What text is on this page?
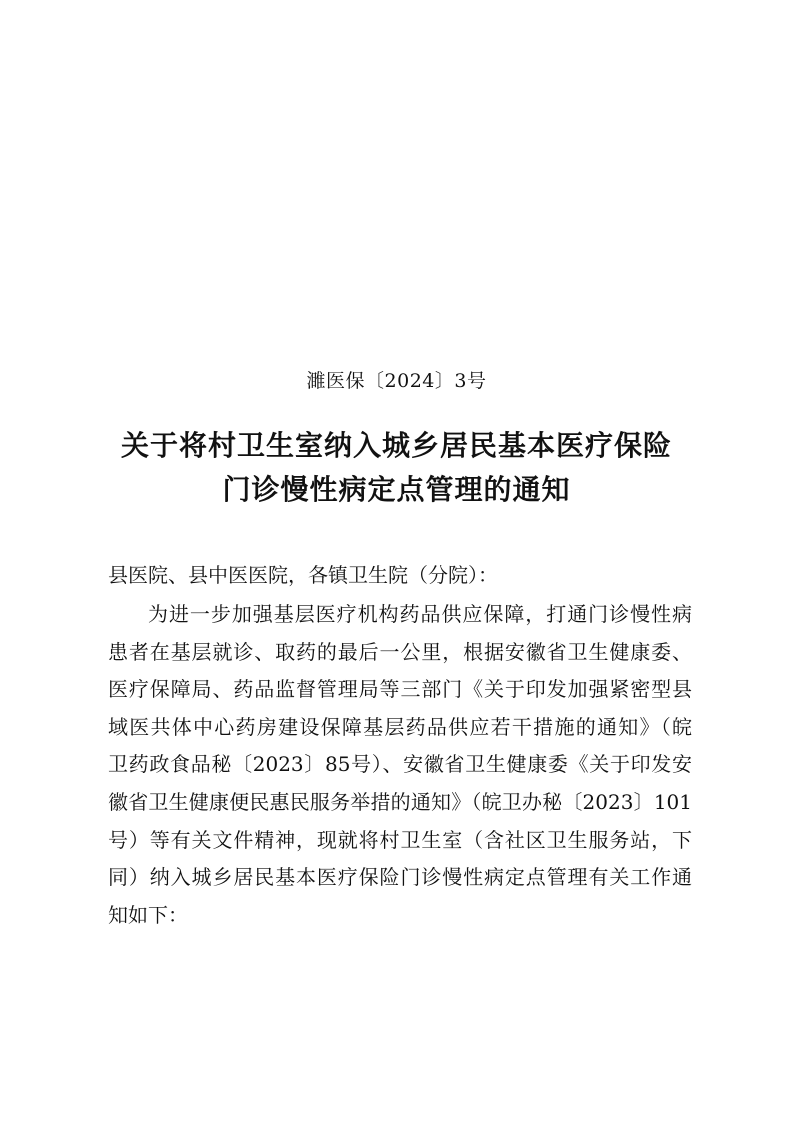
濉医保〔2024〕3号
关于将村卫生室纳入城乡居民基本医疗保险
门诊慢性病定点管理的通知
县医院、县中医医院，各镇卫生院（分院）：
为进一步加强基层医疗机构药品供应保障，打通门诊慢性病
患者在基层就诊、取药的最后一公里，根据安徽省卫生健康委、
医疗保障局、药品监督管理局等三部门《关于印发加强紧密型县
域医共体中心药房建设保障基层药品供应若干措施的通知》（皖
卫药政食品秘〔2023〕85号）、安徽省卫生健康委《关于印发安
徽省卫生健康便民惠民服务举措的通知》（皖卫办秘〔2023〕101
号）等有关文件精神，现就将村卫生室（含社区卫生服务站，下
同）纳入城乡居民基本医疗保险门诊慢性病定点管理有关工作通
知如下：
